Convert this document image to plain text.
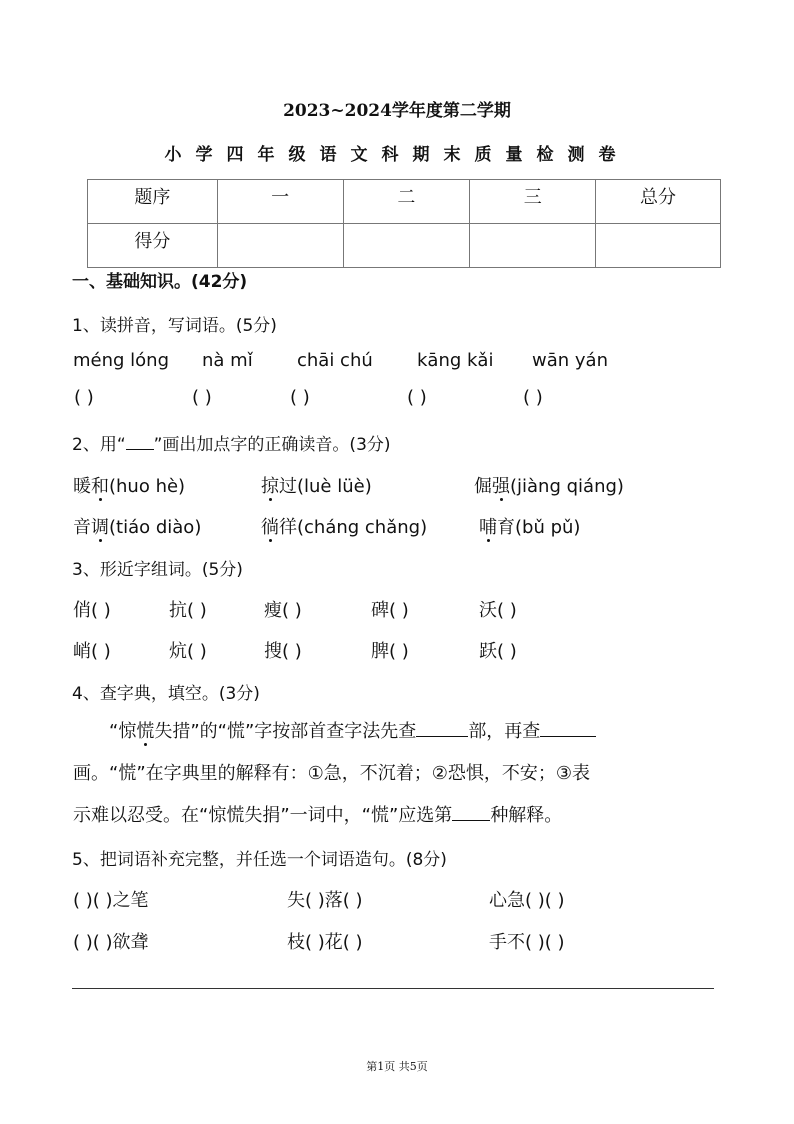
2023~2024学年度第二学期
小学四年级语文科期末质量检测卷
题序	一	二	三	总分
得分				
一、基础知识。(42分)
1、读拼音，写词语。(5分)
méng lóng nà mǐ chāi chú kāng kǎi wān yán
( )	( )	( )	( )	( )
2、用“ ”画出加点字的正确读音。(3分)
暖和(huo hè)	掠过(luè lüè)	倔强(jiàng qiáng)
音调(tiáo diào)	徜徉(cháng chǎng)	哺育(bǔ pǔ)
3、形近字组词。(5分)
俏( )	抗( )	瘦( )	碑( )	沃( )
峭( )	炕( )	搜( )	脾( )	跃( )
4、查字典，填空。(3分)
“惊慌失措”的“慌”字按部首查字法先查	部，再查
画。“慌”在字典里的解释有：①急，不沉着；②恐惧，不安；③表
示难以忍受。在“惊慌失捐”一词中，“慌”应选第 种解释。
5、把词语补充完整，并任选一个词语造句。(8分)
( )( )之笔	失( )落( )	心急( )( )
( )( )欲聋	枝( )花( )	手不( )( )
第1页 共5页
